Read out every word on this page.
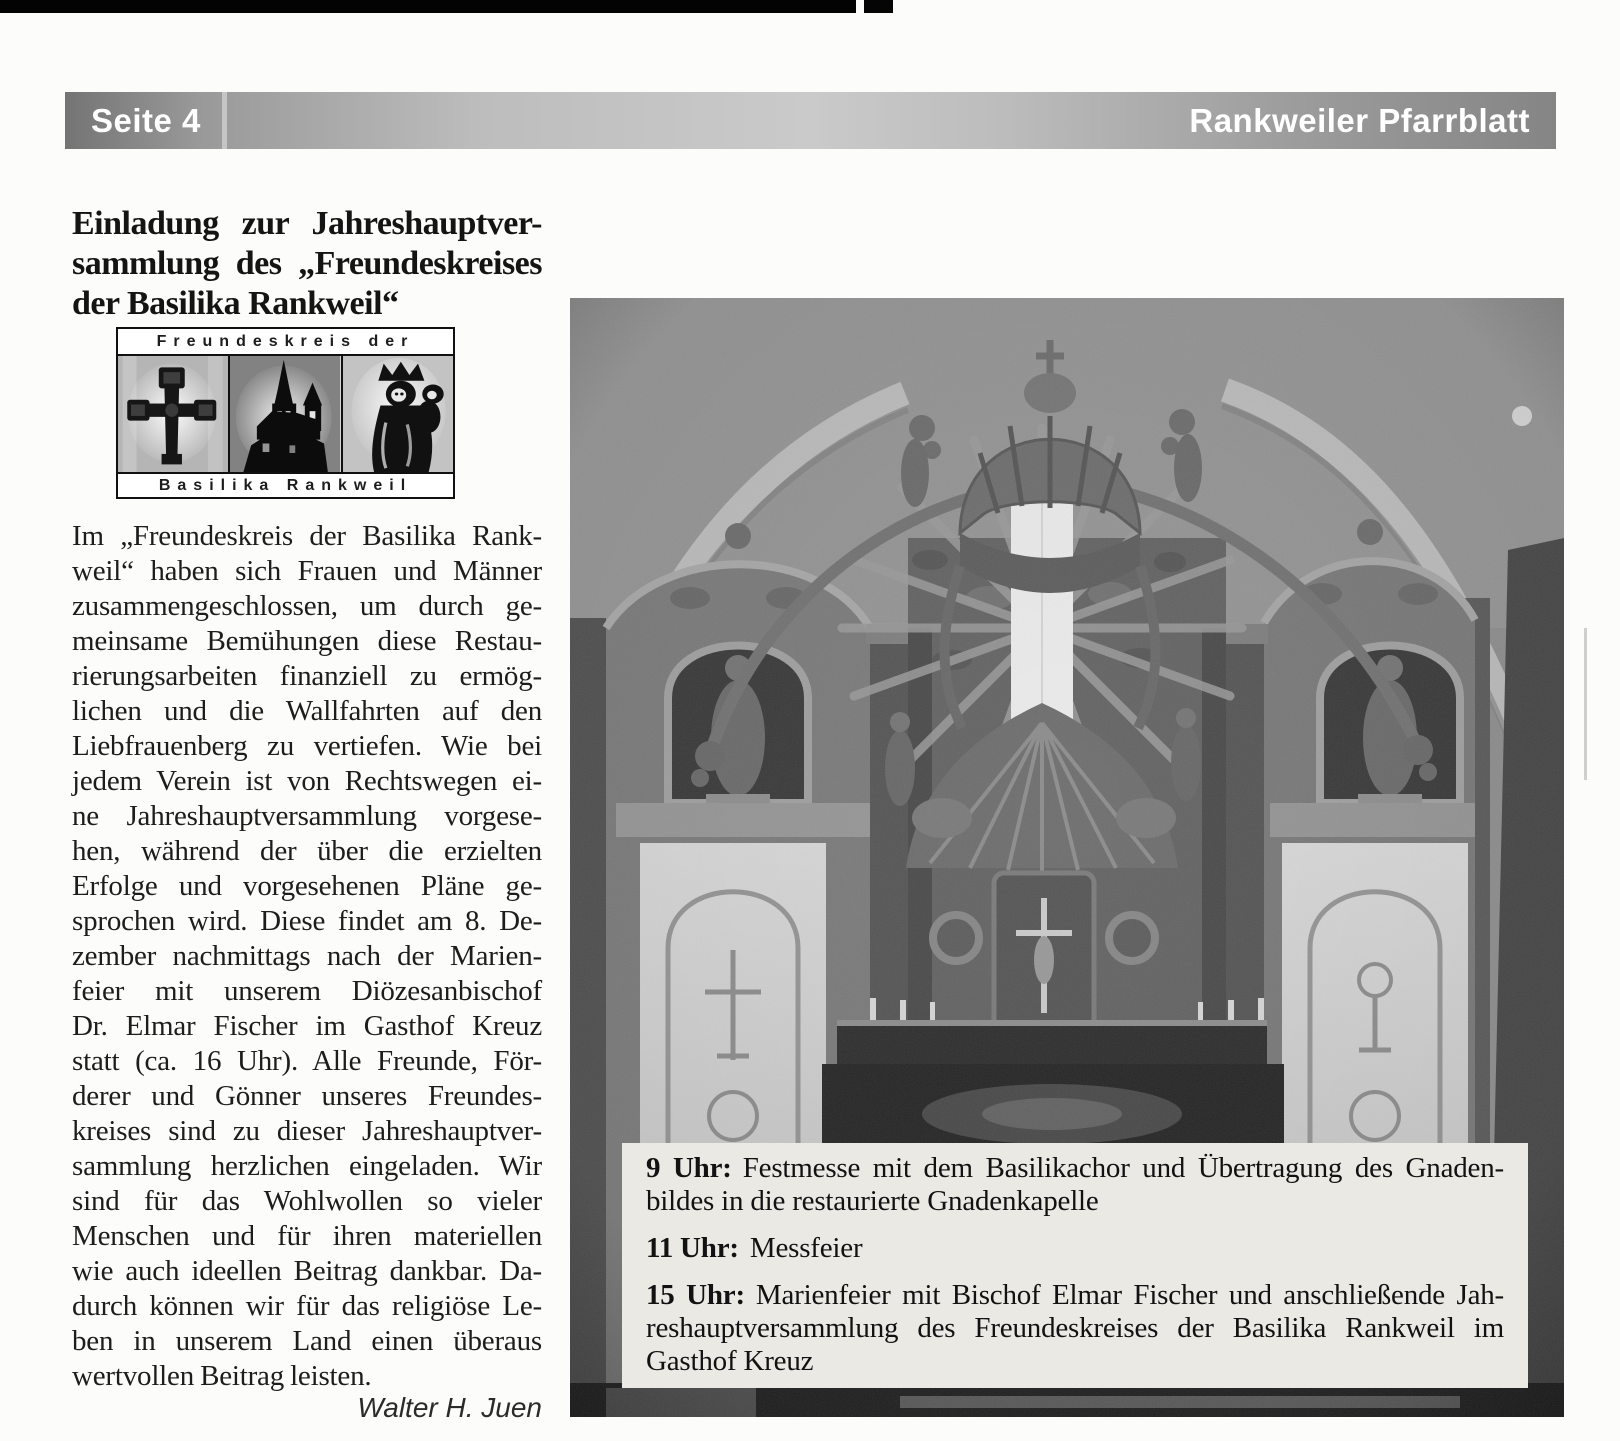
Seite 4	Rankweiler Pfarrblatt
Einladung zur Jahreshauptver-
sammlung des „Freundeskreises
der Basilika Rankweil“
Freundeskreis der
Basilika Rankweil
Im „Freundeskreis der Basilika Rank-
weil“ haben sich Frauen und Männer
zusammengeschlossen, um durch ge-
meinsame Bemühungen diese Restau-
rierungsarbeiten finanziell zu ermög-
lichen und die Wallfahrten auf den
Liebfrauenberg zu vertiefen. Wie bei
jedem Verein ist von Rechtswegen ei-
ne Jahreshauptversammlung vorgese-
hen, während der über die erzielten
Erfolge und vorgesehenen Pläne ge-
sprochen wird. Diese findet am 8. De-
zember nachmittags nach der Marien-
feier mit unserem Diözesanbischof
Dr. Elmar Fischer im Gasthof Kreuz
statt (ca. 16 Uhr). Alle Freunde, För-
derer und Gönner unseres Freundes-
kreises sind zu dieser Jahreshauptver-
sammlung herzlichen eingeladen. Wir
sind für das Wohlwollen so vieler
Menschen und für ihren materiellen
wie auch ideellen Beitrag dankbar. Da-
durch können wir für das religiöse Le-
ben in unserem Land einen überaus
wertvollen Beitrag leisten.
Walter H. Juen
9 Uhr: Festmesse mit dem Basilikachor und Übertragung des Gnaden-
bildes in die restaurierte Gnadenkapelle
11 Uhr: Messfeier
15 Uhr: Marienfeier mit Bischof Elmar Fischer und anschließende Jah-
reshauptversammlung des Freundeskreises der Basilika Rankweil im
Gasthof Kreuz
